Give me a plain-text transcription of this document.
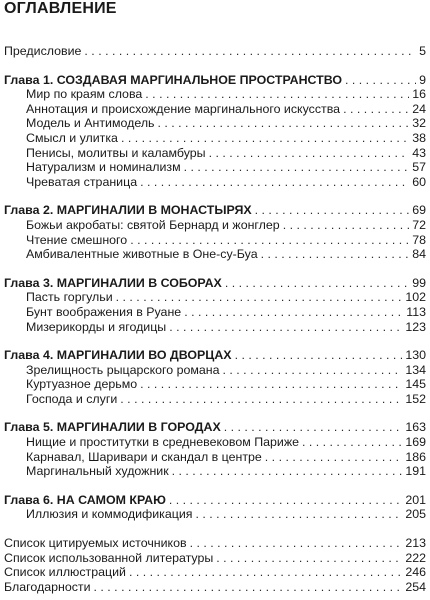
ОГЛАВЛЕНИЕ
Предисловие . . .	5
Глава 1. СОЗДАВАЯ МАРГИНАЛЬНОЕ ПРОСТРАНСТВО . . .	9
Мир по краям слова . . .	16
Аннотация и происхождение маргинального искусства . . .	24
Модель и Антимодель . . .	32
Смысл и улитка . . .	38
Пенисы, молитвы и каламбуры . . .	43
Натурализм и номинализм . . .	57
Чреватая страница . . .	60
Глава 2. МАРГИНАЛИИ В МОНАСТЫРЯХ . . .	69
Божьи акробаты: святой Бернард и жонглер . . .	72
Чтение смешного . . .	78
Амбивалентные животные в Оне-су-Буа . . .	84
Глава 3. МАРГИНАЛИИ В СОБОРАХ . . .	99
Пасть горгульи . . .	102
Бунт воображения в Руане . . .	113
Мизерикорды и ягодицы . . .	123
Глава 4. МАРГИНАЛИИ ВО ДВОРЦАХ . . .	130
Зрелищность рыцарского романа . . .	134
Куртуазное дерьмо . . .	145
Господа и слуги . . .	152
Глава 5. МАРГИНАЛИИ В ГОРОДАХ . . .	163
Нищие и проститутки в средневековом Париже . . .	169
Карнавал, Шаривари и скандал в центре . . .	186
Маргинальный художник . . .	191
Глава 6. НА САМОМ КРАЮ . . .	201
Иллюзия и коммодификация . . .	205
Список цитируемых источников . . .	213
Список использованной литературы . . .	222
Список иллюстраций . . .	246
Благодарности . . .	254
